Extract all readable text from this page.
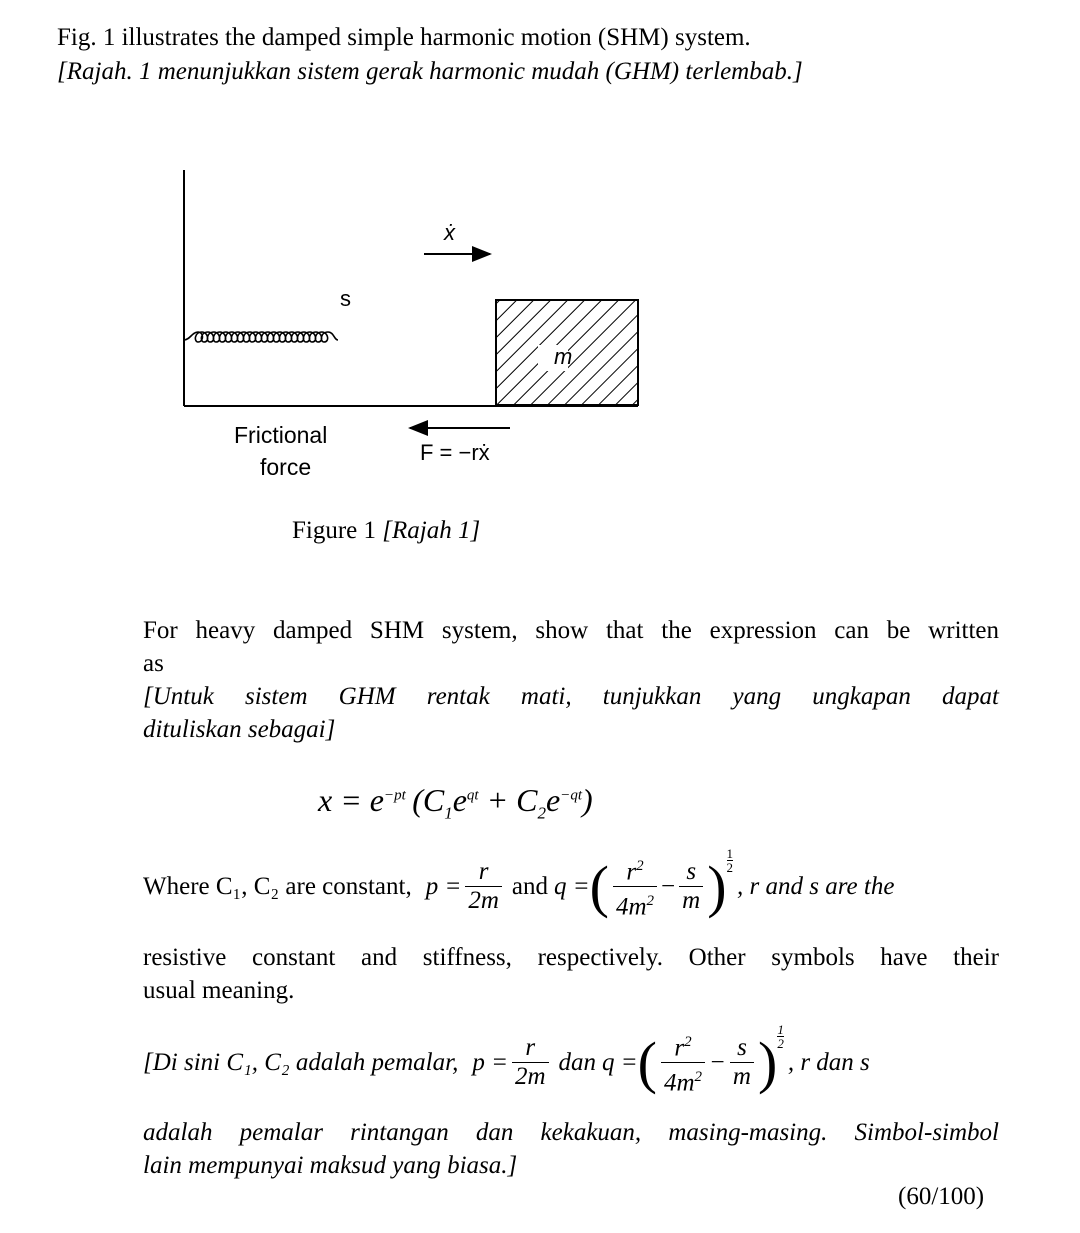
Fig. 1 illustrates the damped simple harmonic motion (SHM) system.
[Rajah. 1 menunjukkan sistem gerak harmonic mudah (GHM) terlembab.]
s
m
ẋ
Frictional
force
F = −rẋ
Figure 1 [Rajah 1]
For heavy damped SHM system, show that the expression can be written
as
[Untuk sistem GHM rentak mati, tunjukkan yang ungkapan dapat
dituliskan sebagai]
$x = e^{-pt}$  $(C_1e^{qt} + C_2e^{-qt})$
Where C₁, C₂ are constant, $p = \frac{r}{2m}$ and q = ( $\frac{r^2}{4m^2} - \frac{s}{m}$ ) 1
2
, r and s are the
resistive constant and stiffness, respectively. Other symbols have their
usual meaning.
[Di sini C₁, C₂ adalah pemalar, $p = \frac{r}{2m}$ dan q = ( $\frac{r^2}{4m^2} - \frac{s}{m}$ ) 1
2
, r dan s
adalah pemalar rintangan dan kekakuan, masing-masing. Simbol-simbol
lain mempunyai maksud yang biasa.]
(60/100)
